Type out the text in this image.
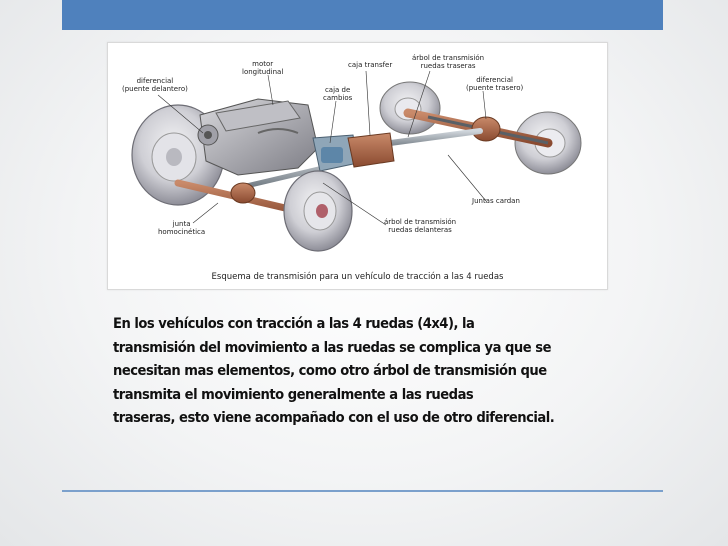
diferencial
(puente delantero)
motor
longitudinal
caja transfer
árbol de transmisión
ruedas traseras
caja de
cambios
diferencial
(puente trasero)
Juntas cardan
junta
homocinética
árbol de transmisión
ruedas delanteras
Esquema de transmisión para un vehículo de tracción a las 4 ruedas
En los vehículos con tracción a las 4 ruedas (4x4), la
transmisión del movimiento a las ruedas se complica ya que se
necesitan mas elementos, como otro árbol de transmisión que
transmita el movimiento generalmente a las ruedas
traseras, esto viene acompañado con el uso de otro diferencial.
